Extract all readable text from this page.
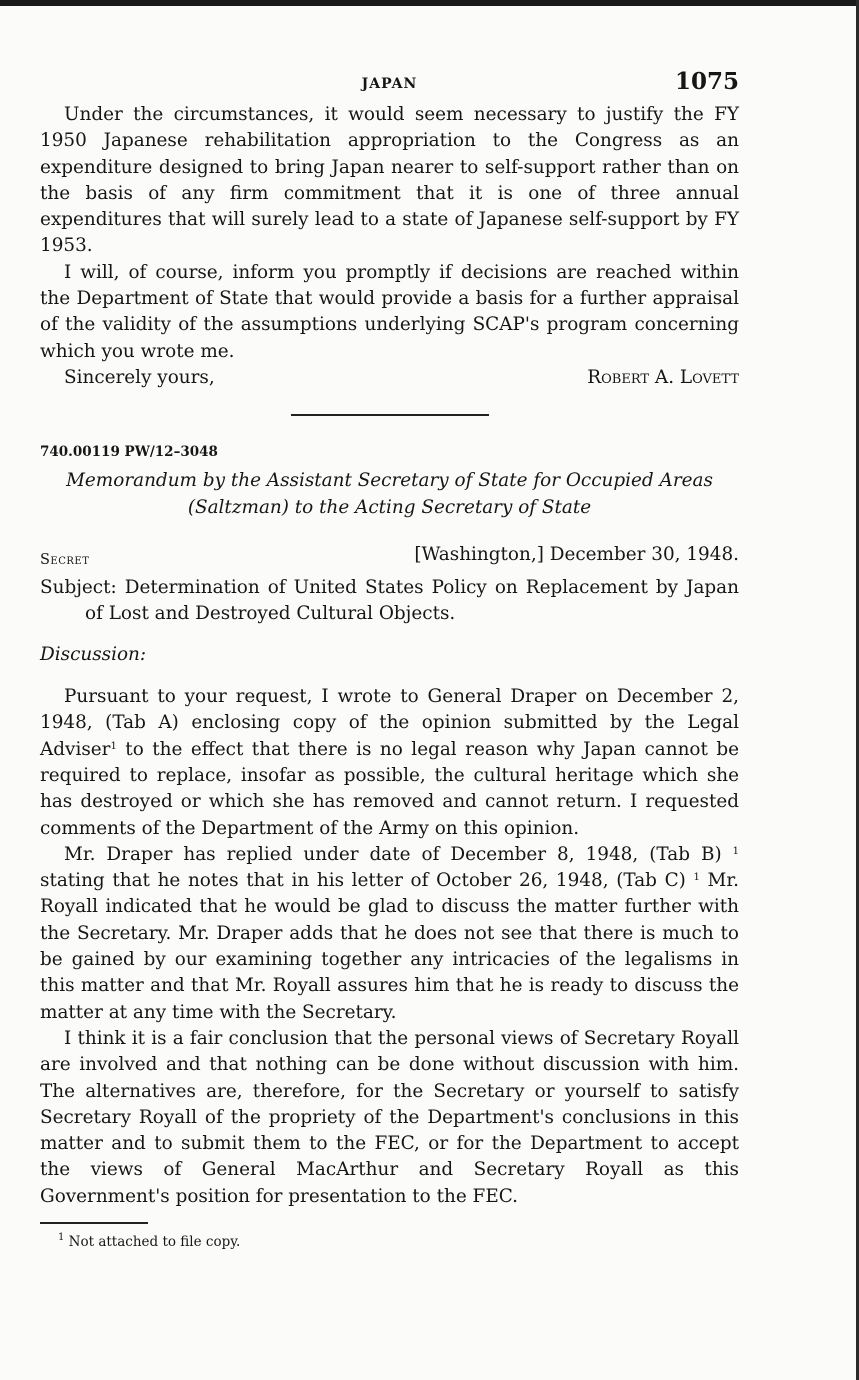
JAPAN	1075

Under the circumstances, it would seem necessary to justify the FY 1950 Japanese rehabilitation appropriation to the Congress as an expenditure designed to bring Japan nearer to self-support rather than on the basis of any firm commitment that it is one of three annual expenditures that will surely lead to a state of Japanese self-support by FY 1953.

I will, of course, inform you promptly if decisions are reached within the Department of State that would provide a basis for a further appraisal of the validity of the assumptions underlying SCAP's program concerning which you wrote me.

Sincerely yours,	Robert A. Lovett
740.00119 PW/12–3048
Memorandum by the Assistant Secretary of State for Occupied Areas
(Saltzman) to the Acting Secretary of State
Secret	[Washington,] December 30, 1948.
Subject: Determination of United States Policy on Replacement by Japan of Lost and Destroyed Cultural Objects.
Discussion:

Pursuant to your request, I wrote to General Draper on December 2, 1948, (Tab A) enclosing copy of the opinion submitted by the Legal Adviser$^1$ to the effect that there is no legal reason why Japan cannot be required to replace, insofar as possible, the cultural heritage which she has destroyed or which she has removed and cannot return. I requested comments of the Department of the Army on this opinion.

Mr. Draper has replied under date of December 8, 1948, (Tab B) $^1$ stating that he notes that in his letter of October 26, 1948, (Tab C) $^1$ Mr. Royall indicated that he would be glad to discuss the matter further with the Secretary. Mr. Draper adds that he does not see that there is much to be gained by our examining together any intricacies of the legalisms in this matter and that Mr. Royall assures him that he is ready to discuss the matter at any time with the Secretary.

I think it is a fair conclusion that the personal views of Secretary Royall are involved and that nothing can be done without discussion with him. The alternatives are, therefore, for the Secretary or yourself to satisfy Secretary Royall of the propriety of the Department's conclusions in this matter and to submit them to the FEC, or for the Department to accept the views of General MacArthur and Secretary Royall as this Government's position for presentation to the FEC.

$^1$ Not attached to file copy.
